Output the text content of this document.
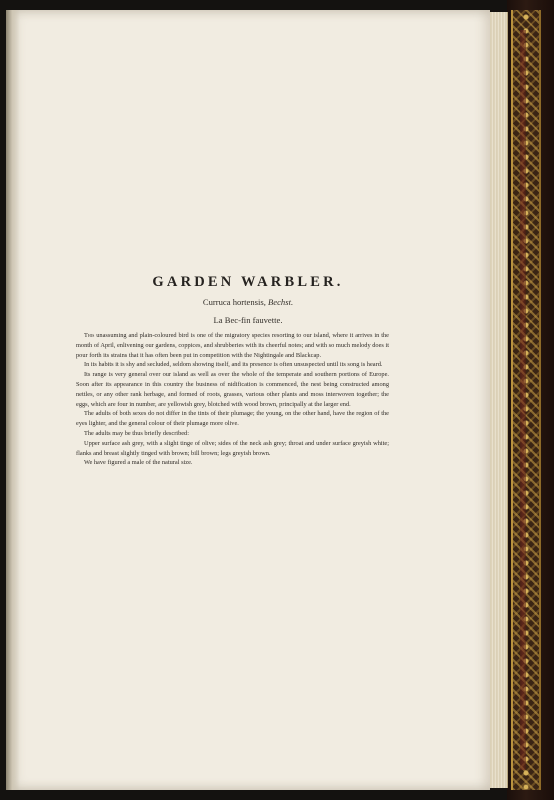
GARDEN WARBLER.
Curruca hortensis, Bechst.
La Bec-fin fauvette.

This unassuming and plain-coloured bird is one of the migratory species resorting to our island, where it arrives in the month of April, enlivening our gardens, coppices, and shrubberies with its cheerful notes; and with so much melody does it pour forth its strains that it has often been put in competition with the Nightingale and Blackcap.

In its habits it is shy and secluded, seldom showing itself, and its presence is often unsuspected until its song is heard.

Its range is very general over our island as well as over the whole of the temperate and southern portions of Europe. Soon after its appearance in this country the business of nidification is commenced, the nest being constructed among nettles, or any other rank herbage, and formed of roots, grasses, various other plants and moss interwoven together; the eggs, which are four in number, are yellowish grey, blotched with wood brown, principally at the larger end.

The adults of both sexes do not differ in the tints of their plumage; the young, on the other hand, have the region of the eyes lighter, and the general colour of their plumage more olive.

The adults may be thus briefly described:

Upper surface ash grey, with a slight tinge of olive; sides of the neck ash grey; throat and under surface greyish white; flanks and breast slightly tinged with brown; bill brown; legs greyish brown.

We have figured a male of the natural size.
